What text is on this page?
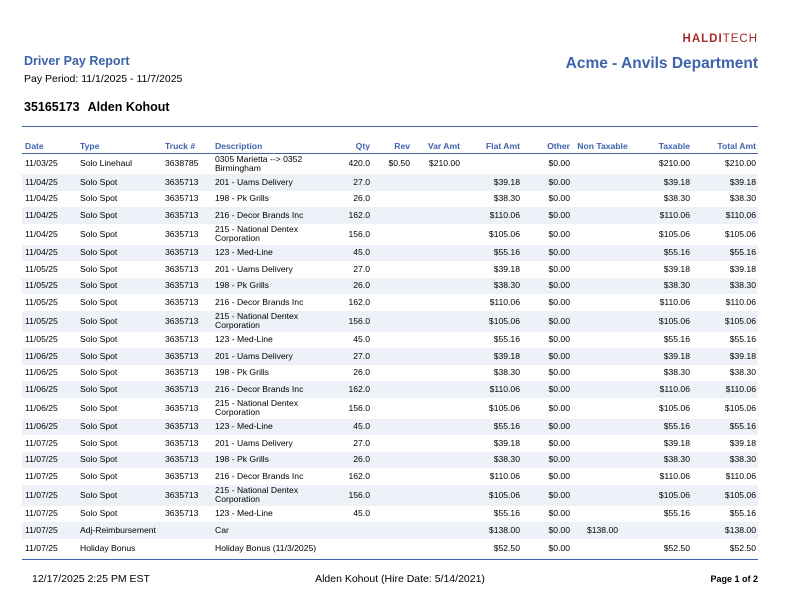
HALDITECH
Driver Pay Report
Pay Period: 11/1/2025 - 11/7/2025
Acme - Anvils Department
35165173 Alden Kohout
Date	Type	Truck #	Description	Qty	Rev	Var Amt	Flat Amt	Other	Non Taxable	Taxable	Total Amt
11/03/25	Solo Linehaul	3638785	0305 Marietta --> 0352 Birmingham	420.0	$0.50	$210.00		$0.00		$210.00	$210.00
11/04/25	Solo Spot	3635713	201 - Uams Delivery	27.0			$39.18	$0.00		$39.18	$39.18
11/04/25	Solo Spot	3635713	198 - Pk Grills	26.0			$38.30	$0.00		$38.30	$38.30
11/04/25	Solo Spot	3635713	216 - Decor Brands Inc	162.0			$110.06	$0.00		$110.06	$110.06
11/04/25	Solo Spot	3635713	215 - National Dentex Corporation	156.0			$105.06	$0.00		$105.06	$105.06
11/04/25	Solo Spot	3635713	123 - Med-Line	45.0			$55.16	$0.00		$55.16	$55.16
11/05/25	Solo Spot	3635713	201 - Uams Delivery	27.0			$39.18	$0.00		$39.18	$39.18
11/05/25	Solo Spot	3635713	198 - Pk Grills	26.0			$38.30	$0.00		$38.30	$38.30
11/05/25	Solo Spot	3635713	216 - Decor Brands Inc	162.0			$110.06	$0.00		$110.06	$110.06
11/05/25	Solo Spot	3635713	215 - National Dentex Corporation	156.0			$105.06	$0.00		$105.06	$105.06
11/05/25	Solo Spot	3635713	123 - Med-Line	45.0			$55.16	$0.00		$55.16	$55.16
11/06/25	Solo Spot	3635713	201 - Uams Delivery	27.0			$39.18	$0.00		$39.18	$39.18
11/06/25	Solo Spot	3635713	198 - Pk Grills	26.0			$38.30	$0.00		$38.30	$38.30
11/06/25	Solo Spot	3635713	216 - Decor Brands Inc	162.0			$110.06	$0.00		$110.06	$110.06
11/06/25	Solo Spot	3635713	215 - National Dentex Corporation	156.0			$105.06	$0.00		$105.06	$105.06
11/06/25	Solo Spot	3635713	123 - Med-Line	45.0			$55.16	$0.00		$55.16	$55.16
11/07/25	Solo Spot	3635713	201 - Uams Delivery	27.0			$39.18	$0.00		$39.18	$39.18
11/07/25	Solo Spot	3635713	198 - Pk Grills	26.0			$38.30	$0.00		$38.30	$38.30
11/07/25	Solo Spot	3635713	216 - Decor Brands Inc	162.0			$110.06	$0.00		$110.06	$110.06
11/07/25	Solo Spot	3635713	215 - National Dentex Corporation	156.0			$105.06	$0.00		$105.06	$105.06
11/07/25	Solo Spot	3635713	123 - Med-Line	45.0			$55.16	$0.00		$55.16	$55.16
11/07/25	Adj-Reimbursement		Car				$138.00	$0.00	$138.00		$138.00
11/07/25	Holiday Bonus		Holiday Bonus (11/3/2025)				$52.50	$0.00		$52.50	$52.50
Alden Kohout (Hire Date: 5/14/2021)
12/17/2025 2:25 PM EST	Page 1 of 2
